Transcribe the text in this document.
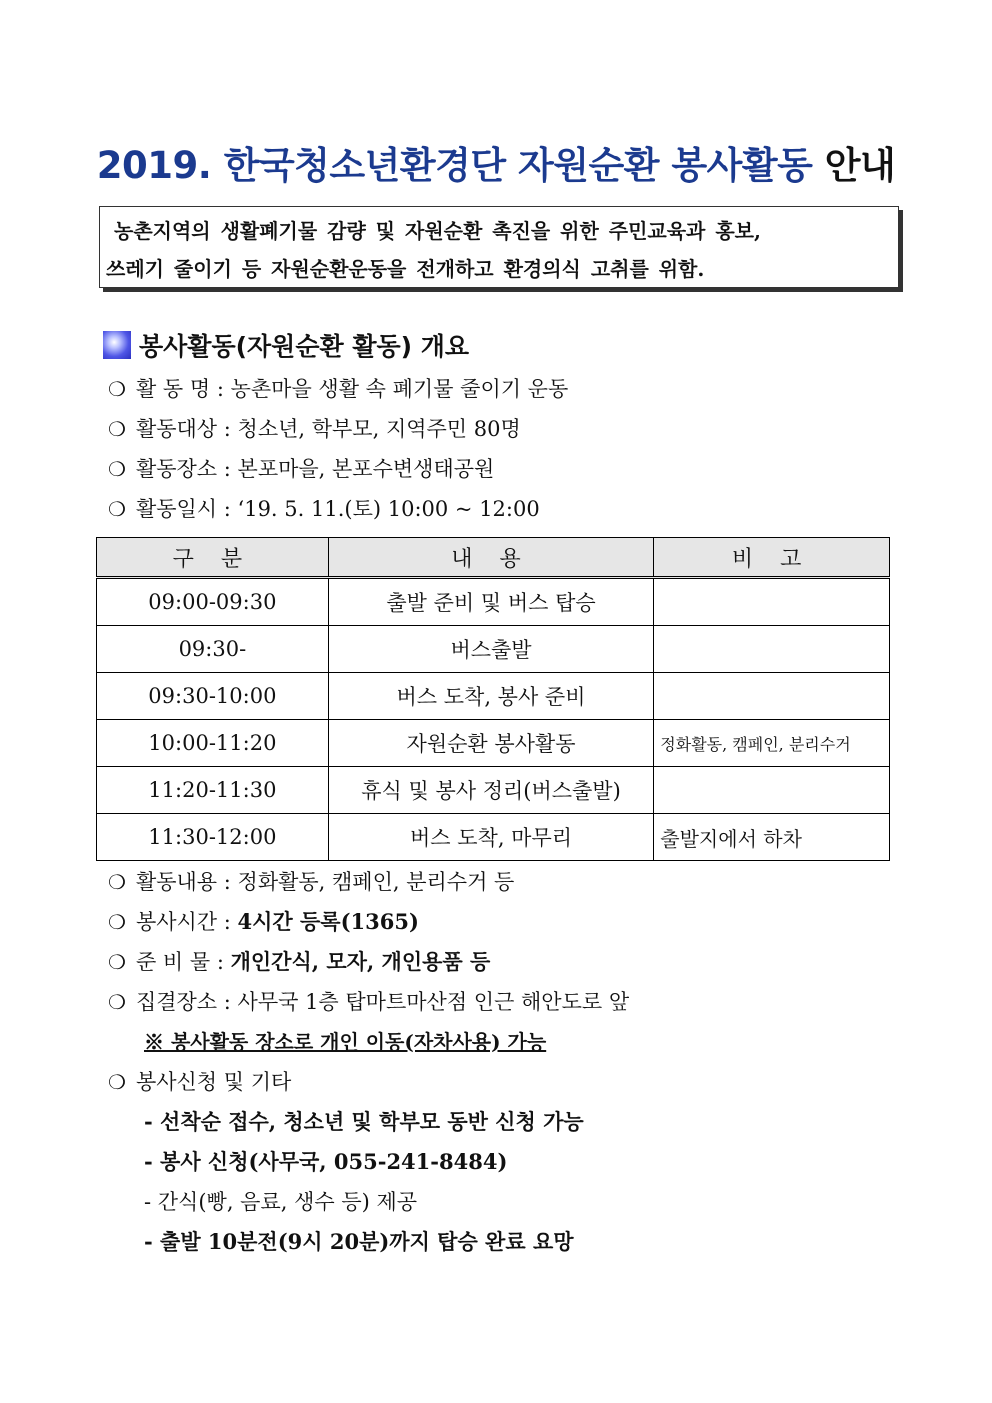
2019. 한국청소년환경단 자원순환 봉사활동 안내
농촌지역의 생활폐기물 감량 및 자원순환 촉진을 위한 주민교육과 홍보,
쓰레기 줄이기 등 자원순환운동을 전개하고 환경의식 고취를 위함.
봉사활동(자원순환 활동) 개요
❍ 활 동 명 : 농촌마을 생활 속 폐기물 줄이기 운동
❍ 활동대상 : 청소년, 학부모, 지역주민 80명
❍ 활동장소 : 본포마을, 본포수변생태공원
❍ 활동일시 : ‘19. 5. 11.(토) 10:00 ~ 12:00
구 분	내 용	비 고
09:00-09:30	출발 준비 및 버스 탑승	
09:30-	버스출발	
09:30-10:00	버스 도착, 봉사 준비	
10:00-11:20	자원순환 봉사활동	정화활동, 캠페인, 분리수거
11:20-11:30	휴식 및 봉사 정리(버스출발)	
11:30-12:00	버스 도착, 마무리	출발지에서 하차
❍ 활동내용 : 정화활동, 캠페인, 분리수거 등
❍ 봉사시간 : 4시간 등록(1365)
❍ 준 비 물 : 개인간식, 모자, 개인용품 등
❍ 집결장소 : 사무국 1층 탑마트마산점 인근 해안도로 앞
※ 봉사활동 장소로 개인 이동(자차사용) 가능
❍ 봉사신청 및 기타
- 선착순 접수, 청소년 및 학부모 동반 신청 가능
- 봉사 신청(사무국, 055-241-8484)
- 간식(빵, 음료, 생수 등) 제공
- 출발 10분전(9시 20분)까지 탑승 완료 요망
